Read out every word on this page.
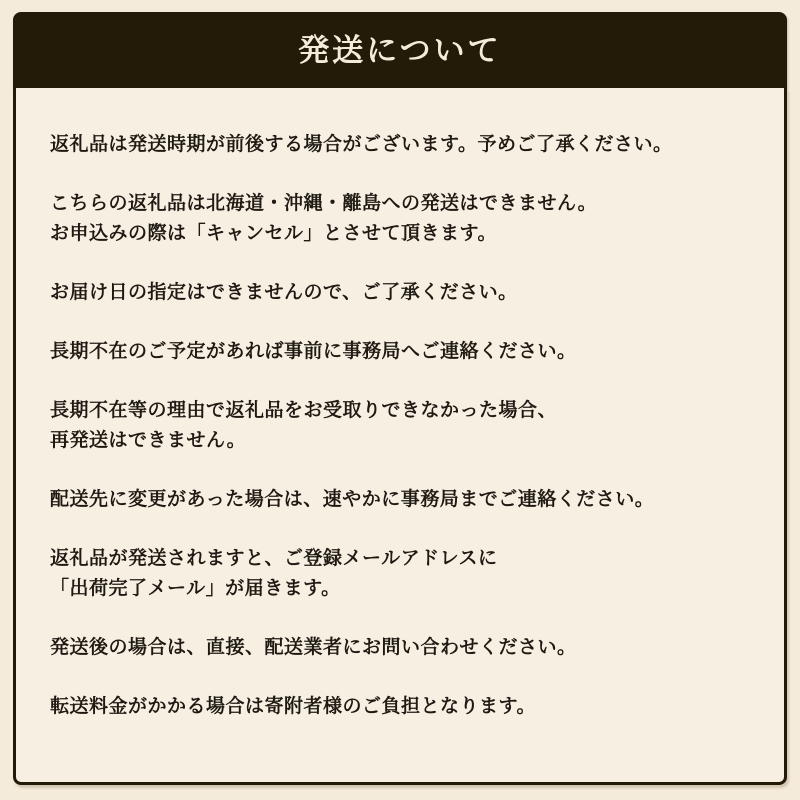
発送について

返礼品は発送時期が前後する場合がございます。予めご了承ください。

こちらの返礼品は北海道・沖縄・離島への発送はできません。
お申込みの際は「キャンセル」とさせて頂きます。

お届け日の指定はできませんので、ご了承ください。

長期不在のご予定があれば事前に事務局へご連絡ください。

長期不在等の理由で返礼品をお受取りできなかった場合、
再発送はできません。

配送先に変更があった場合は、速やかに事務局までご連絡ください。

返礼品が発送されますと、ご登録メールアドレスに
「出荷完了メール」が届きます。

発送後の場合は、直接、配送業者にお問い合わせください。

転送料金がかかる場合は寄附者様のご負担となります。
